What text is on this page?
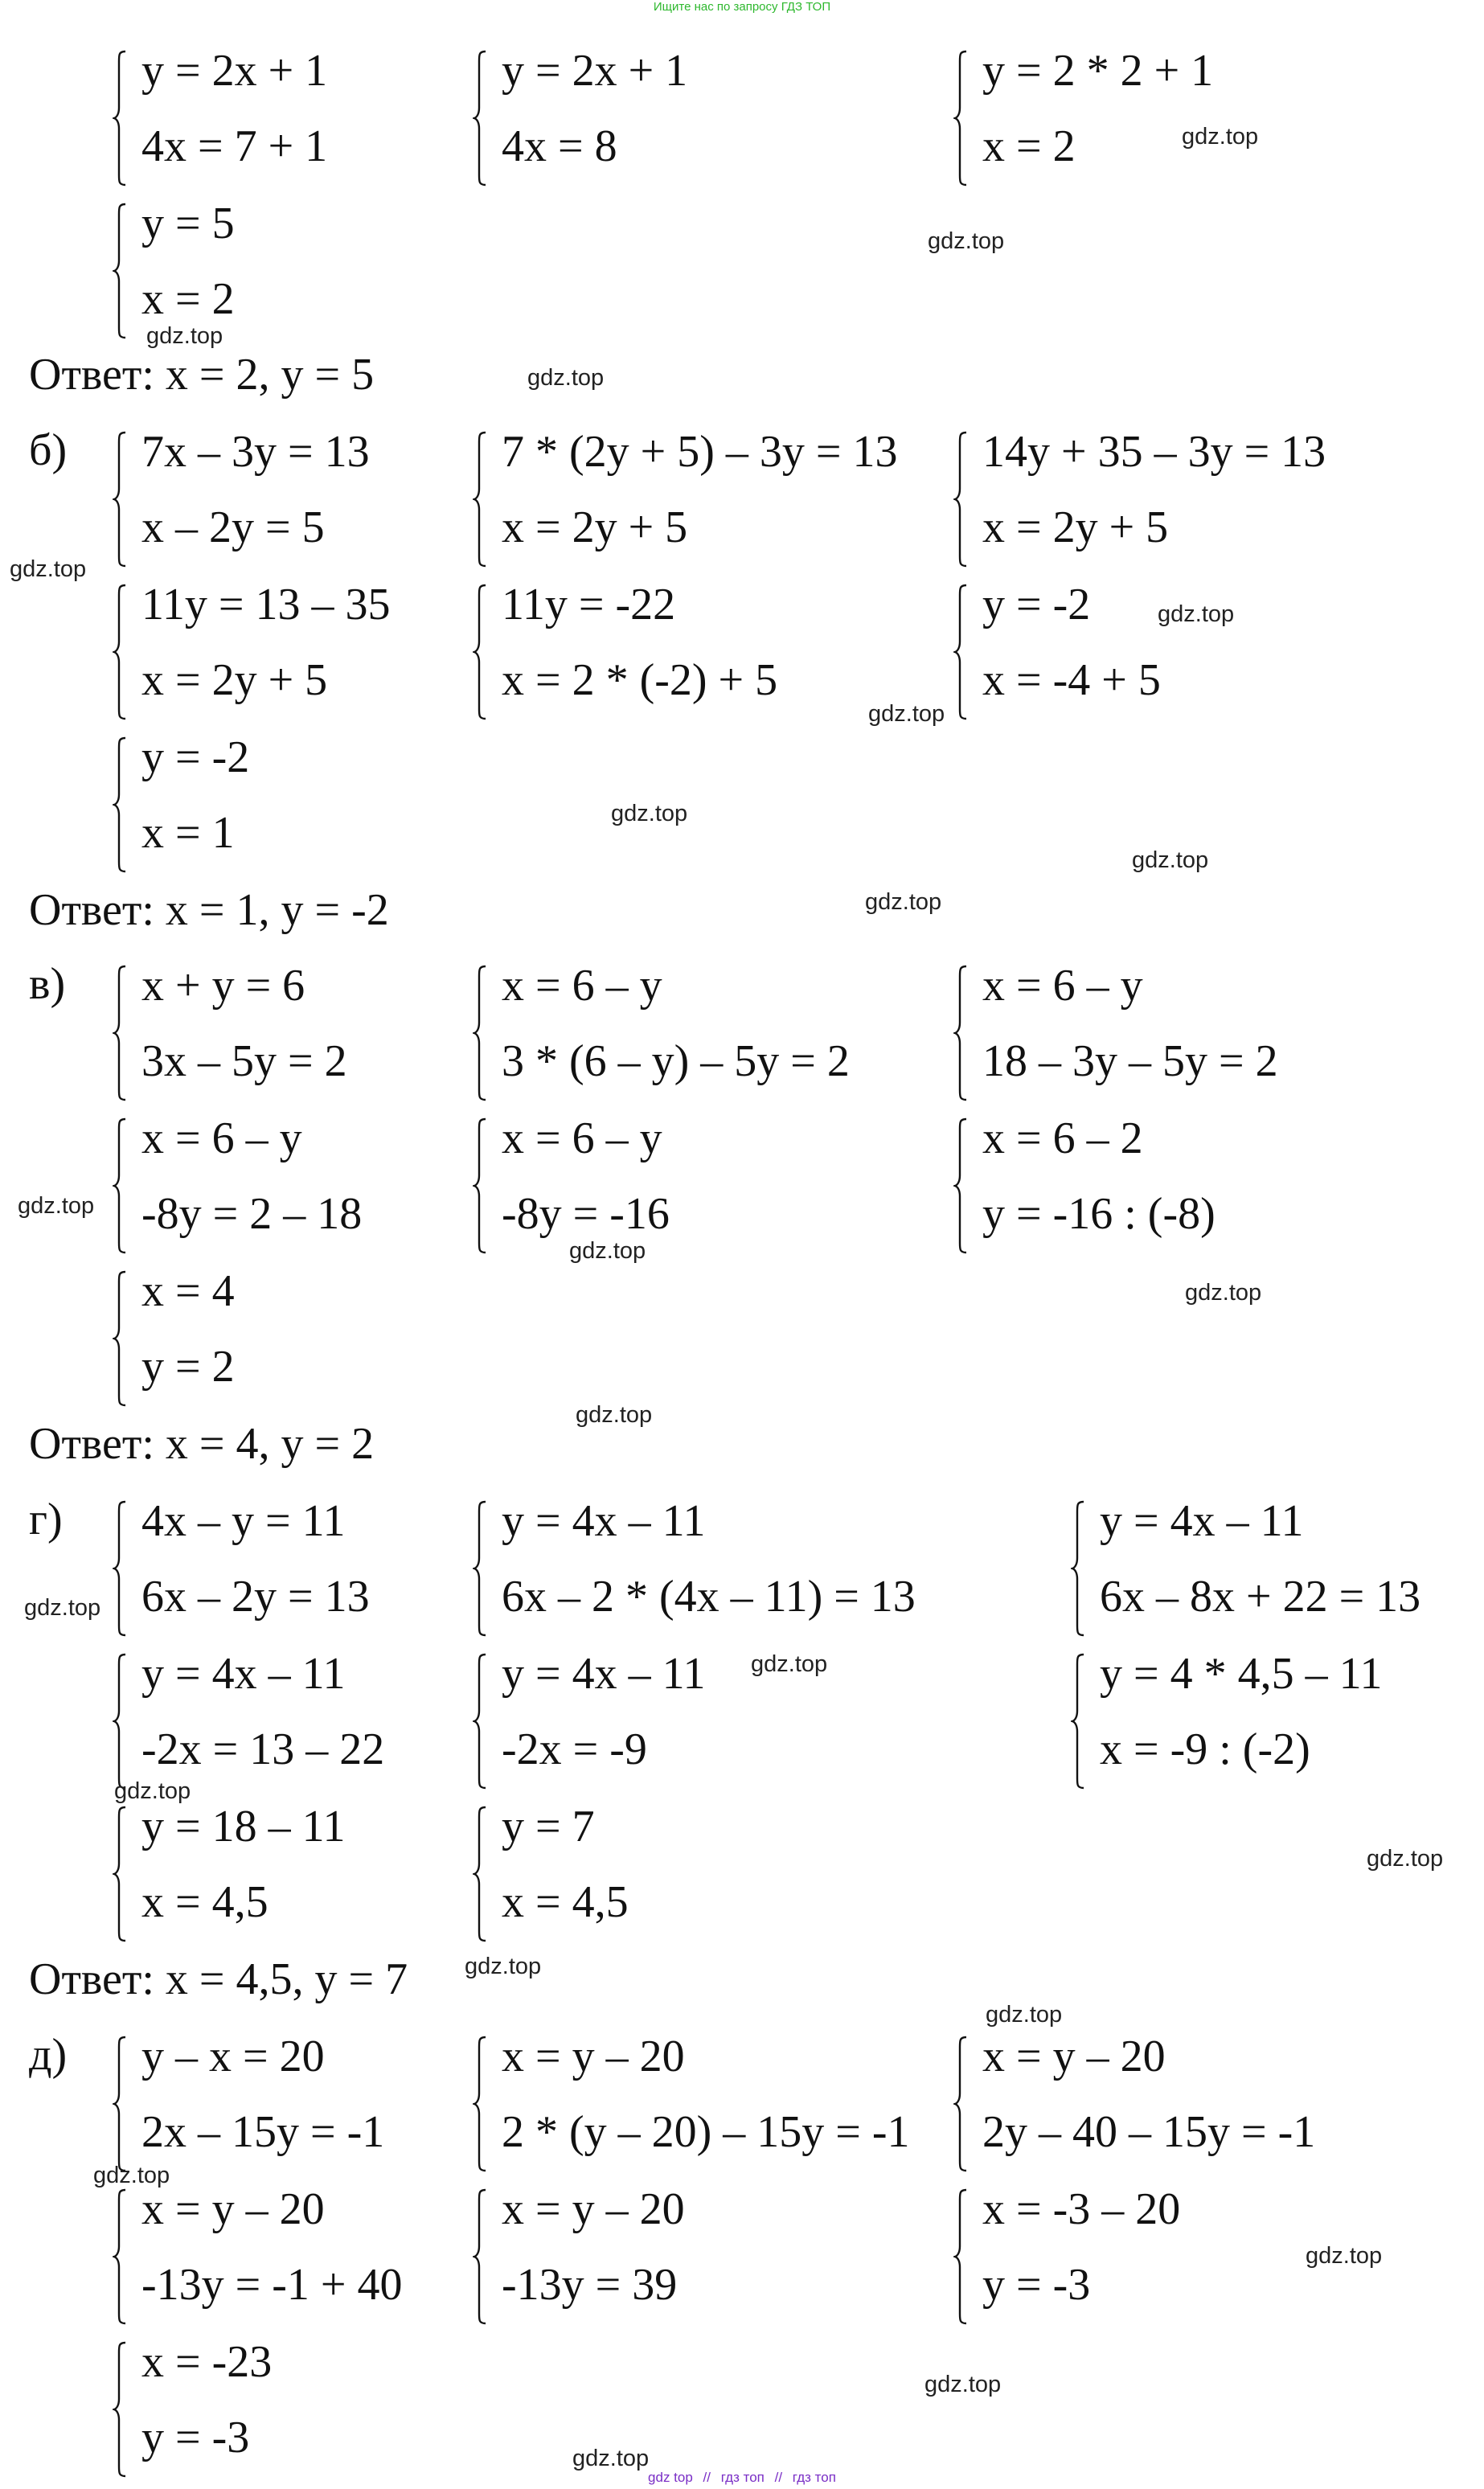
Ищите нас по запросу ГДЗ ТОП
y = 2x + 1
4x = 7 + 1
y = 2x + 1
4x = 8
y = 2 * 2 + 1
x = 2
y = 5
x = 2
Ответ: x = 2, y = 5
б) 7x – 3y = 13
x – 2y = 5
7 * (2y + 5) – 3y = 13
x = 2y + 5
14y + 35 – 3y = 13
x = 2y + 5
11y = 13 – 35
x = 2y + 5
11y = -22
x = 2 * (-2) + 5
y = -2
x = -4 + 5
y = -2
x = 1
Ответ: x = 1, y = -2
в) x + y = 6
3x – 5y = 2
x = 6 – y
3 * (6 – y) – 5y = 2
x = 6 – y
18 – 3y – 5y = 2
x = 6 – y
-8y = 2 – 18
x = 6 – y
-8y = -16
x = 6 – 2
y = -16 : (-8)
x = 4
y = 2
Ответ: x = 4, y = 2
г) 4x – y = 11
6x – 2y = 13
y = 4x – 11
6x – 2 * (4x – 11) = 13
y = 4x – 11
6x – 8x + 22 = 13
y = 4x – 11
-2x = 13 – 22
y = 4x – 11
-2x = -9
y = 4 * 4,5 – 11
x = -9 : (-2)
y = 18 – 11
x = 4,5
y = 7
x = 4,5
Ответ: x = 4,5, y = 7
д) y – x = 20
2x – 15y = -1
x = y – 20
2 * (y – 20) – 15y = -1
x = y – 20
2y – 40 – 15y = -1
x = y – 20
-13y = -1 + 40
x = y – 20
-13y = 39
x = -3 – 20
y = -3
x = -23
y = -3
gdz.top
gdz.top
gdz.top
gdz.top
gdz.top
gdz.top
gdz.top
gdz.top
gdz.top
gdz.top
gdz.top
gdz.top
gdz.top
gdz.top
gdz.top
gdz.top
gdz.top
gdz.top
gdz.top
gdz.top
gdz.top
gdz.top
gdz.top
gdz.top
gdz top // гдз топ // гдз топ
